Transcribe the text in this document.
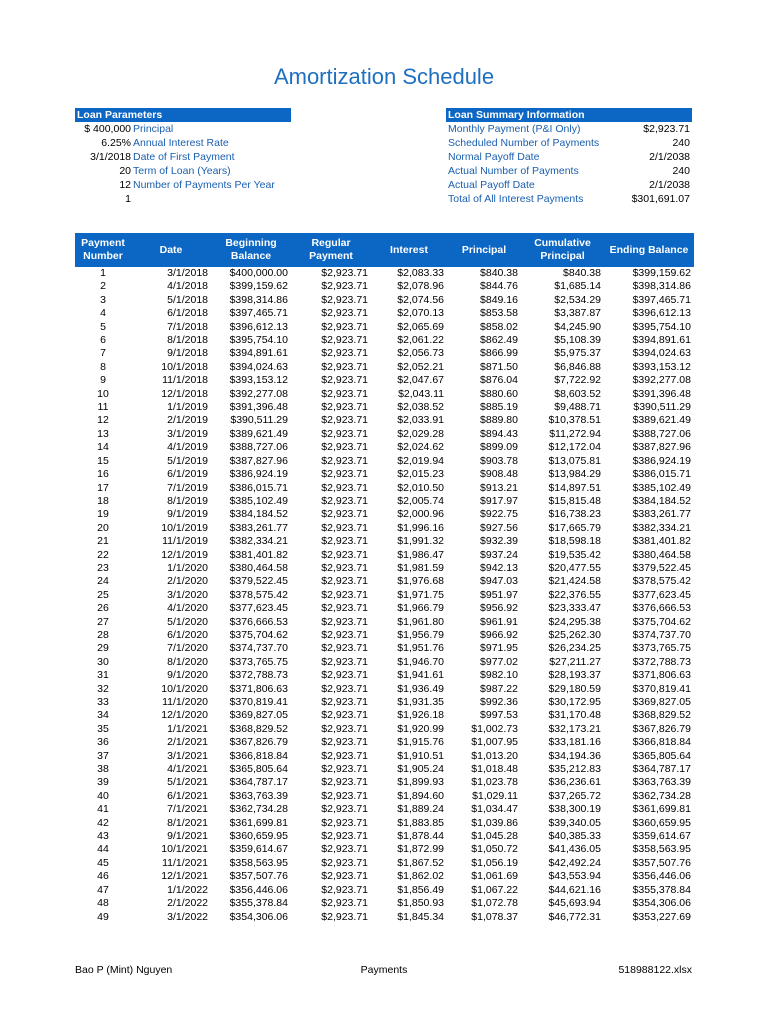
Amortization Schedule
Loan Parameters
$ 400,000 Principal
6.25% Annual Interest Rate
3/1/2018 Date of First Payment
20 Term of Loan (Years)
12 Number of Payments Per Year
1
Loan Summary Information
Monthly Payment (P&I Only)	$2,923.71
Scheduled Number of Payments	240
Normal Payoff Date	2/1/2038
Actual Number of Payments	240
Actual Payoff Date	2/1/2038
Total of All Interest Payments	$301,691.07
Payment Number	Date	Beginning Balance	Regular Payment	Interest	Principal	Cumulative Principal	Ending Balance
1	3/1/2018	$400,000.00	$2,923.71	$2,083.33	$840.38	$840.38	$399,159.62
2	4/1/2018	$399,159.62	$2,923.71	$2,078.96	$844.76	$1,685.14	$398,314.86
3	5/1/2018	$398,314.86	$2,923.71	$2,074.56	$849.16	$2,534.29	$397,465.71
4	6/1/2018	$397,465.71	$2,923.71	$2,070.13	$853.58	$3,387.87	$396,612.13
5	7/1/2018	$396,612.13	$2,923.71	$2,065.69	$858.02	$4,245.90	$395,754.10
6	8/1/2018	$395,754.10	$2,923.71	$2,061.22	$862.49	$5,108.39	$394,891.61
7	9/1/2018	$394,891.61	$2,923.71	$2,056.73	$866.99	$5,975.37	$394,024.63
8	10/1/2018	$394,024.63	$2,923.71	$2,052.21	$871.50	$6,846.88	$393,153.12
9	11/1/2018	$393,153.12	$2,923.71	$2,047.67	$876.04	$7,722.92	$392,277.08
10	12/1/2018	$392,277.08	$2,923.71	$2,043.11	$880.60	$8,603.52	$391,396.48
11	1/1/2019	$391,396.48	$2,923.71	$2,038.52	$885.19	$9,488.71	$390,511.29
12	2/1/2019	$390,511.29	$2,923.71	$2,033.91	$889.80	$10,378.51	$389,621.49
13	3/1/2019	$389,621.49	$2,923.71	$2,029.28	$894.43	$11,272.94	$388,727.06
14	4/1/2019	$388,727.06	$2,923.71	$2,024.62	$899.09	$12,172.04	$387,827.96
15	5/1/2019	$387,827.96	$2,923.71	$2,019.94	$903.78	$13,075.81	$386,924.19
16	6/1/2019	$386,924.19	$2,923.71	$2,015.23	$908.48	$13,984.29	$386,015.71
17	7/1/2019	$386,015.71	$2,923.71	$2,010.50	$913.21	$14,897.51	$385,102.49
18	8/1/2019	$385,102.49	$2,923.71	$2,005.74	$917.97	$15,815.48	$384,184.52
19	9/1/2019	$384,184.52	$2,923.71	$2,000.96	$922.75	$16,738.23	$383,261.77
20	10/1/2019	$383,261.77	$2,923.71	$1,996.16	$927.56	$17,665.79	$382,334.21
21	11/1/2019	$382,334.21	$2,923.71	$1,991.32	$932.39	$18,598.18	$381,401.82
22	12/1/2019	$381,401.82	$2,923.71	$1,986.47	$937.24	$19,535.42	$380,464.58
23	1/1/2020	$380,464.58	$2,923.71	$1,981.59	$942.13	$20,477.55	$379,522.45
24	2/1/2020	$379,522.45	$2,923.71	$1,976.68	$947.03	$21,424.58	$378,575.42
25	3/1/2020	$378,575.42	$2,923.71	$1,971.75	$951.97	$22,376.55	$377,623.45
26	4/1/2020	$377,623.45	$2,923.71	$1,966.79	$956.92	$23,333.47	$376,666.53
27	5/1/2020	$376,666.53	$2,923.71	$1,961.80	$961.91	$24,295.38	$375,704.62
28	6/1/2020	$375,704.62	$2,923.71	$1,956.79	$966.92	$25,262.30	$374,737.70
29	7/1/2020	$374,737.70	$2,923.71	$1,951.76	$971.95	$26,234.25	$373,765.75
30	8/1/2020	$373,765.75	$2,923.71	$1,946.70	$977.02	$27,211.27	$372,788.73
31	9/1/2020	$372,788.73	$2,923.71	$1,941.61	$982.10	$28,193.37	$371,806.63
32	10/1/2020	$371,806.63	$2,923.71	$1,936.49	$987.22	$29,180.59	$370,819.41
33	11/1/2020	$370,819.41	$2,923.71	$1,931.35	$992.36	$30,172.95	$369,827.05
34	12/1/2020	$369,827.05	$2,923.71	$1,926.18	$997.53	$31,170.48	$368,829.52
35	1/1/2021	$368,829.52	$2,923.71	$1,920.99	$1,002.73	$32,173.21	$367,826.79
36	2/1/2021	$367,826.79	$2,923.71	$1,915.76	$1,007.95	$33,181.16	$366,818.84
37	3/1/2021	$366,818.84	$2,923.71	$1,910.51	$1,013.20	$34,194.36	$365,805.64
38	4/1/2021	$365,805.64	$2,923.71	$1,905.24	$1,018.48	$35,212.83	$364,787.17
39	5/1/2021	$364,787.17	$2,923.71	$1,899.93	$1,023.78	$36,236.61	$363,763.39
40	6/1/2021	$363,763.39	$2,923.71	$1,894.60	$1,029.11	$37,265.72	$362,734.28
41	7/1/2021	$362,734.28	$2,923.71	$1,889.24	$1,034.47	$38,300.19	$361,699.81
42	8/1/2021	$361,699.81	$2,923.71	$1,883.85	$1,039.86	$39,340.05	$360,659.95
43	9/1/2021	$360,659.95	$2,923.71	$1,878.44	$1,045.28	$40,385.33	$359,614.67
44	10/1/2021	$359,614.67	$2,923.71	$1,872.99	$1,050.72	$41,436.05	$358,563.95
45	11/1/2021	$358,563.95	$2,923.71	$1,867.52	$1,056.19	$42,492.24	$357,507.76
46	12/1/2021	$357,507.76	$2,923.71	$1,862.02	$1,061.69	$43,553.94	$356,446.06
47	1/1/2022	$356,446.06	$2,923.71	$1,856.49	$1,067.22	$44,621.16	$355,378.84
48	2/1/2022	$355,378.84	$2,923.71	$1,850.93	$1,072.78	$45,693.94	$354,306.06
49	3/1/2022	$354,306.06	$2,923.71	$1,845.34	$1,078.37	$46,772.31	$353,227.69
Bao P (Mint) Nguyen	Payments	518988122.xlsx
